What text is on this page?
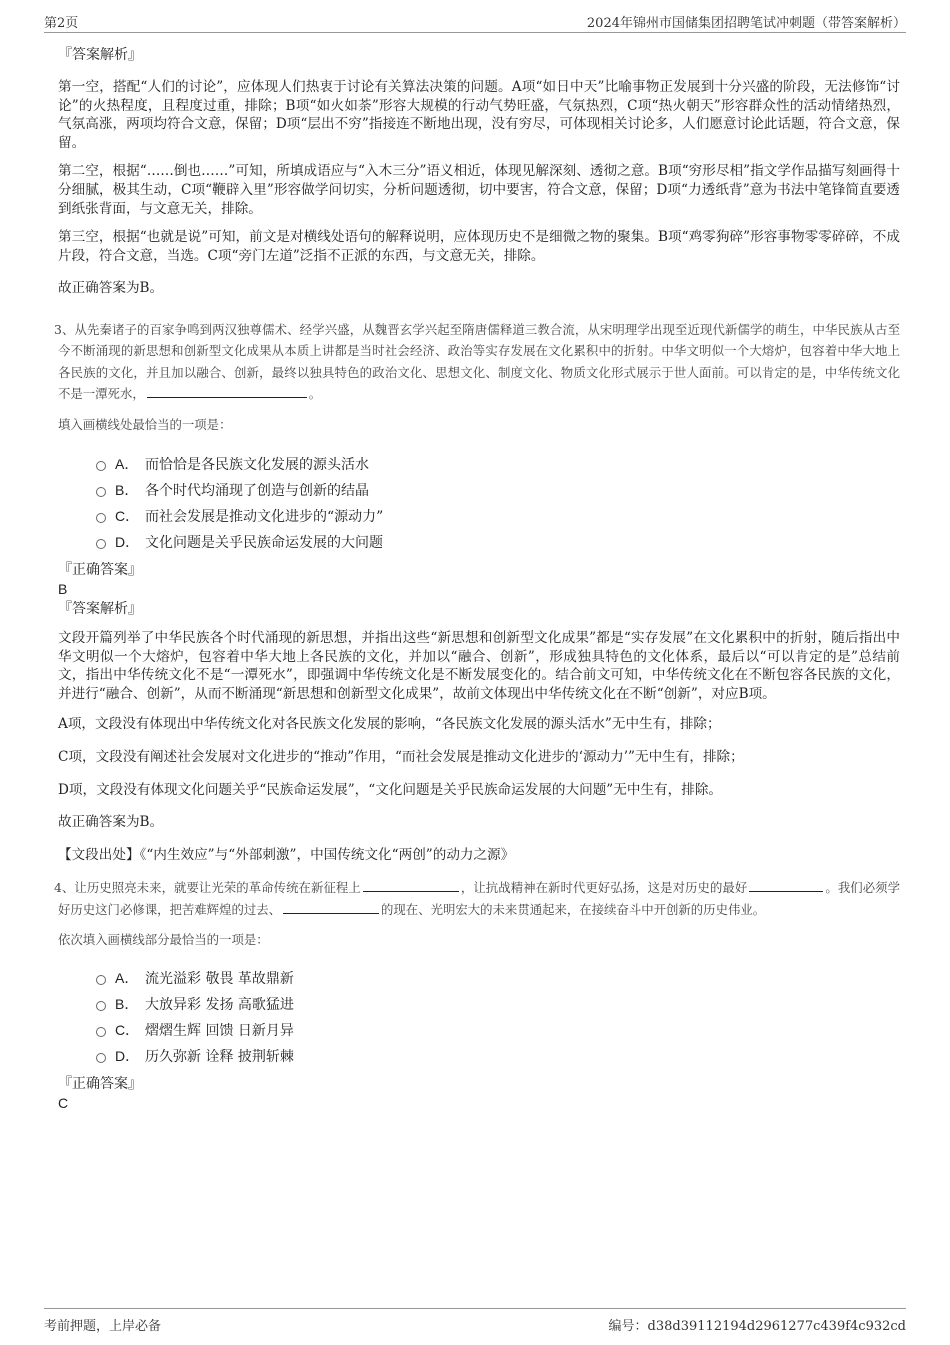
第2页	2024年锦州市国储集团招聘笔试冲刺题（带答案解析）

『答案解析』

第一空，搭配“人们的讨论”，应体现人们热衷于讨论有关算法决策的问题。A项“如日中天”比喻事物正发展到十分兴盛的阶段，无法修饰“讨论”的火热程度，且程度过重，排除；B项“如火如荼”形容大规模的行动气势旺盛，气氛热烈，C项“热火朝天”形容群众性的活动情绪热烈，气氛高涨，两项均符合文意，保留；D项“层出不穷”指接连不断地出现，没有穷尽，可体现相关讨论多，人们愿意讨论此话题，符合文意，保留。

第二空，根据“……倒也……”可知，所填成语应与“入木三分”语义相近，体现见解深刻、透彻之意。B项“穷形尽相”指文学作品描写刻画得十分细腻，极其生动，C项“鞭辟入里”形容做学问切实，分析问题透彻，切中要害，符合文意，保留；D项“力透纸背”意为书法中笔锋简直要透到纸张背面，与文意无关，排除。

第三空，根据“也就是说”可知，前文是对横线处语句的解释说明，应体现历史不是细微之物的聚集。B项“鸡零狗碎”形容事物零零碎碎，不成片段，符合文意，当选。C项“旁门左道”泛指不正派的东西，与文意无关，排除。

故正确答案为B。

3、从先秦诸子的百家争鸣到两汉独尊儒术、经学兴盛，从魏晋玄学兴起至隋唐儒释道三教合流，从宋明理学出现至近现代新儒学的萌生，中华民族从古至今不断涌现的新思想和创新型文化成果从本质上讲都是当时社会经济、政治等实存发展在文化累积中的折射。中华文明似一个大熔炉，包容着中华大地上各民族的文化，并且加以融合、创新，最终以独具特色的政治文化、思想文化、制度文化、物质文化形式展示于世人面前。可以肯定的是，中华传统文化不是一潭死水，	。

填入画横线处最恰当的一项是：

A． 而恰恰是各民族文化发展的源头活水
B． 各个时代均涌现了创造与创新的结晶
C． 而社会发展是推动文化进步的“源动力”
D． 文化问题是关乎民族命运发展的大问题

『正确答案』

B

『答案解析』

文段开篇列举了中华民族各个时代涌现的新思想，并指出这些“新思想和创新型文化成果”都是“实存发展”在文化累积中的折射，随后指出中华文明似一个大熔炉，包容着中华大地上各民族的文化，并加以“融合、创新”，形成独具特色的文化体系，最后以“可以肯定的是”总结前文，指出中华传统文化不是“一潭死水”，即强调中华传统文化是不断发展变化的。结合前文可知，中华传统文化在不断包容各民族的文化，并进行“融合、创新”，从而不断涌现“新思想和创新型文化成果”，故前文体现出中华传统文化在不断“创新”，对应B项。

A项，文段没有体现出中华传统文化对各民族文化发展的影响，“各民族文化发展的源头活水”无中生有，排除；

C项，文段没有阐述社会发展对文化进步的“推动”作用，“而社会发展是推动文化进步的‘源动力’”无中生有，排除；

D项，文段没有体现文化问题关乎“民族命运发展”，“文化问题是关乎民族命运发展的大问题”无中生有，排除。

故正确答案为B。

【文段出处】《“内生效应”与“外部刺激”，中国传统文化“两创”的动力之源》

4、让历史照亮未来，就要让光荣的革命传统在新征程上	，让抗战精神在新时代更好弘扬，这是对历史的最好	。我们必须学好历史这门必修课，把苦难辉煌的过去、	的现在、光明宏大的未来贯通起来，在接续奋斗中开创新的历史伟业。

依次填入画横线部分最恰当的一项是：

A． 流光溢彩 敬畏 革故鼎新
B． 大放异彩 发扬 高歌猛进
C． 熠熠生辉 回馈 日新月异
D． 历久弥新 诠释 披荆斩棘

『正确答案』

C

考前押题，上岸必备	编号：d38d39112194d2961277c439f4c932cd
